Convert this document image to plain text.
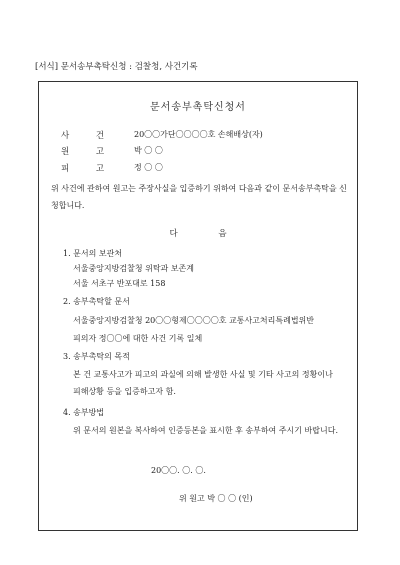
[서식] 문서송부촉탁신청 : 검찰청, 사건기록
문서송부촉탁신청서
사 건 20〇〇가단〇〇〇〇호 손해배상(자)
원 고 박 〇 〇
피 고 정 〇 〇
위 사건에 관하여 원고는 주장사실을 입증하기 위하여 다음과 같이 문서송부촉탁을 신청합니다.
다 음
1. 문서의 보관처
서울중앙지방검찰청 위탁과 보존계
서울 서초구 반포대로 158
2. 송부촉탁할 문서
서울중앙지방검찰청 20〇〇형제〇〇〇〇호 교통사고처리특례법위반
피의자 정〇〇에 대한 사건 기록 일체
3. 송부촉탁의 목적
본 건 교통사고가 피고의 과실에 의해 발생한 사실 및 기타 사고의 정황이나 피해상황 등을 입증하고자 함.
4. 송부방법
위 문서의 원본을 복사하여 인증등본을 표시한 후 송부하여 주시기 바랍니다.
20〇〇. 〇. 〇.
위 원고 박 〇 〇 (인)
